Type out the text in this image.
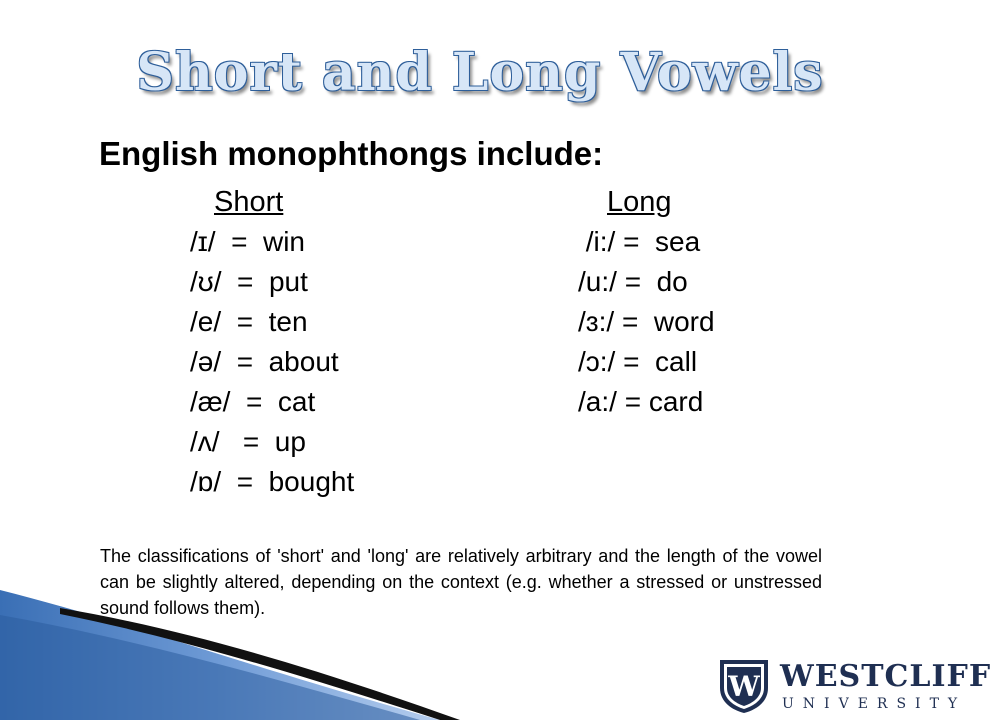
Short and Long Vowels
English monophthongs include:
Short	Long
/ɪ/  =  win
/ʊ/  =  put
/e/  =  ten
/ə/  =  about
/æ/  =  cat
/ʌ/   =  up
/ɒ/  =  bought
/i:/ =  sea
/u:/ =  do
/ɜ:/ =  word
/ɔ:/ =  call
/a:/ = card
The classifications of 'short' and 'long' are relatively arbitrary and the length of the vowel can be slightly altered, depending on the context (e.g. whether a stressed or unstressed sound follows them).
W WESTCLIFF
UNIVERSITY
